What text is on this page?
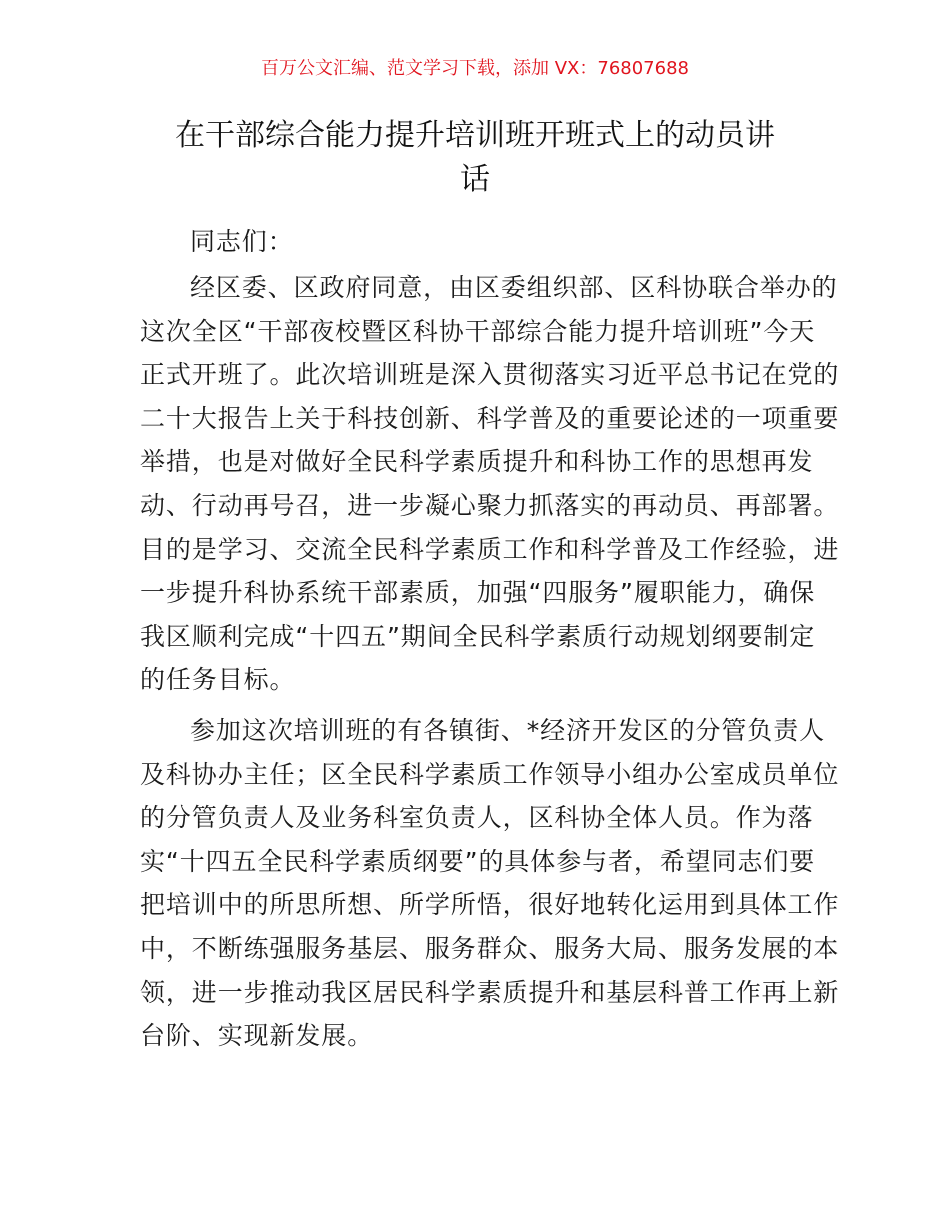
百万公文汇编、范文学习下载，添加 VX：76807688
在干部综合能力提升培训班开班式上的动员讲
话
同志们：
经区委、区政府同意，由区委组织部、区科协联合举办的
这次全区“干部夜校暨区科协干部综合能力提升培训班”今天
正式开班了。此次培训班是深入贯彻落实习近平总书记在党的
二十大报告上关于科技创新、科学普及的重要论述的一项重要
举措，也是对做好全民科学素质提升和科协工作的思想再发
动、行动再号召，进一步凝心聚力抓落实的再动员、再部署。
目的是学习、交流全民科学素质工作和科学普及工作经验，进
一步提升科协系统干部素质，加强“四服务”履职能力，确保
我区顺利完成“十四五”期间全民科学素质行动规划纲要制定
的任务目标。
参加这次培训班的有各镇街、*经济开发区的分管负责人
及科协办主任；区全民科学素质工作领导小组办公室成员单位
的分管负责人及业务科室负责人，区科协全体人员。作为落
实“十四五全民科学素质纲要”的具体参与者，希望同志们要
把培训中的所思所想、所学所悟，很好地转化运用到具体工作
中，不断练强服务基层、服务群众、服务大局、服务发展的本
领，进一步推动我区居民科学素质提升和基层科普工作再上新
台阶、实现新发展。
